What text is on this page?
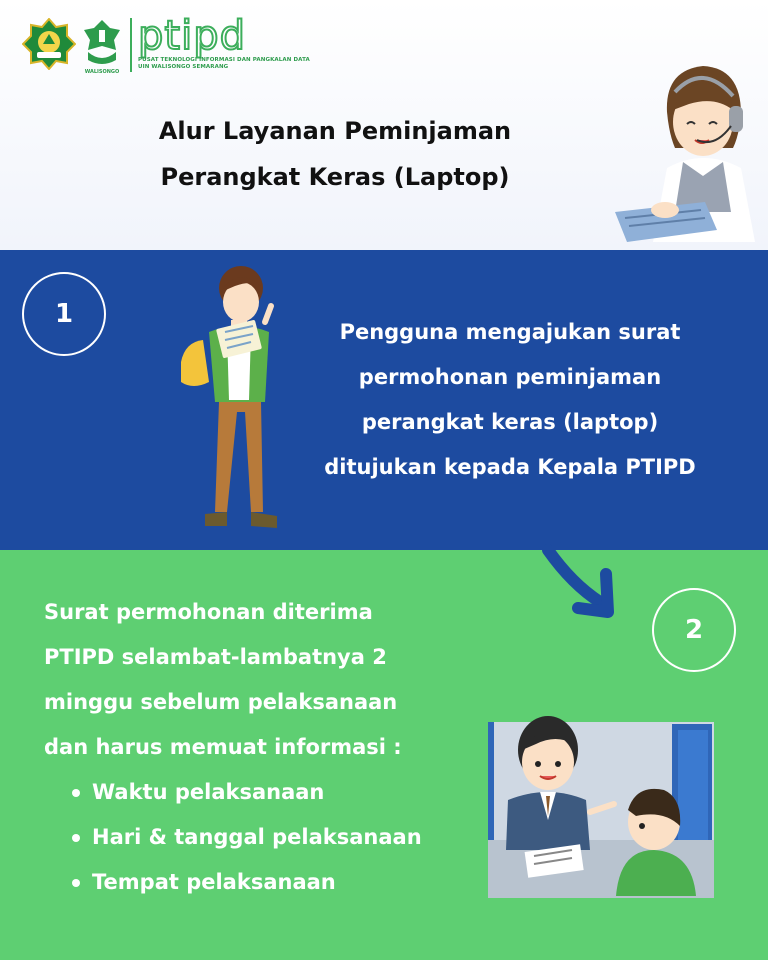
WALISONGO
ptipd
PUSAT TEKNOLOGI INFORMASI DAN PANGKALAN DATA
UIN WALISONGO SEMARANG
Alur Layanan Peminjaman
Perangkat Keras (Laptop)
1
Pengguna mengajukan surat
permohonan peminjaman
perangkat keras (laptop)
ditujukan kepada Kepala PTIPD
2

Surat permohonan diterima

PTIPD selambat-lambatnya 2

minggu sebelum pelaksanaan

dan harus memuat informasi :

Waktu pelaksanaan
Hari & tanggal pelaksanaan
Tempat pelaksanaan
